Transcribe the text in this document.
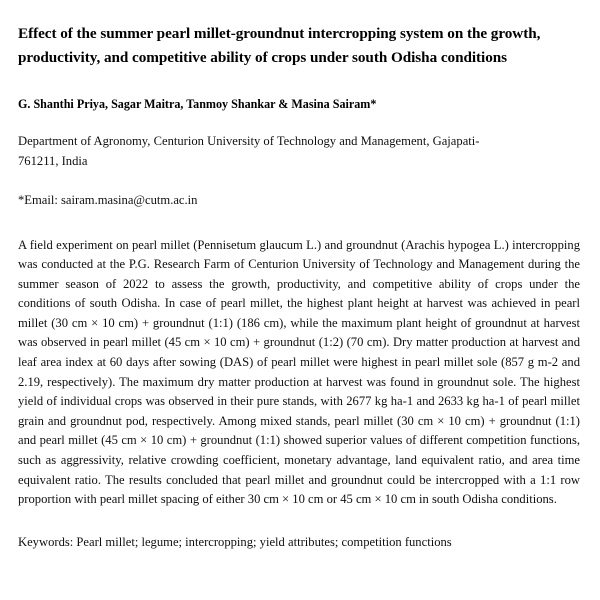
Effect of the summer pearl millet-groundnut intercropping system on the growth, productivity, and competitive ability of crops under south Odisha conditions

G. Shanthi Priya, Sagar Maitra, Tanmoy Shankar & Masina Sairam*

Department of Agronomy, Centurion University of Technology and Management, Gajapati- 761211, India

*Email: sairam.masina@cutm.ac.in

A field experiment on pearl millet (Pennisetum glaucum L.) and groundnut (Arachis hypogea L.) intercropping was conducted at the P.G. Research Farm of Centurion University of Technology and Management during the summer season of 2022 to assess the growth, productivity, and competitive ability of crops under the conditions of south Odisha. In case of pearl millet, the highest plant height at harvest was achieved in pearl millet (30 cm × 10 cm) + groundnut (1:1) (186 cm), while the maximum plant height of groundnut at harvest was observed in pearl millet (45 cm × 10 cm) + groundnut (1:2) (70 cm). Dry matter production at harvest and leaf area index at 60 days after sowing (DAS) of pearl millet were highest in pearl millet sole (857 g m-2 and 2.19, respectively). The maximum dry matter production at harvest was found in groundnut sole. The highest yield of individual crops was observed in their pure stands, with 2677 kg ha-1 and 2633 kg ha-1 of pearl millet grain and groundnut pod, respectively. Among mixed stands, pearl millet (30 cm × 10 cm) + groundnut (1:1) and pearl millet (45 cm × 10 cm) + groundnut (1:1) showed superior values of different competition functions, such as aggressivity, relative crowding coefficient, monetary advantage, land equivalent ratio, and area time equivalent ratio. The results concluded that pearl millet and groundnut could be intercropped with a 1:1 row proportion with pearl millet spacing of either 30 cm × 10 cm or 45 cm × 10 cm in south Odisha conditions.

Keywords: Pearl millet; legume; intercropping; yield attributes; competition functions
